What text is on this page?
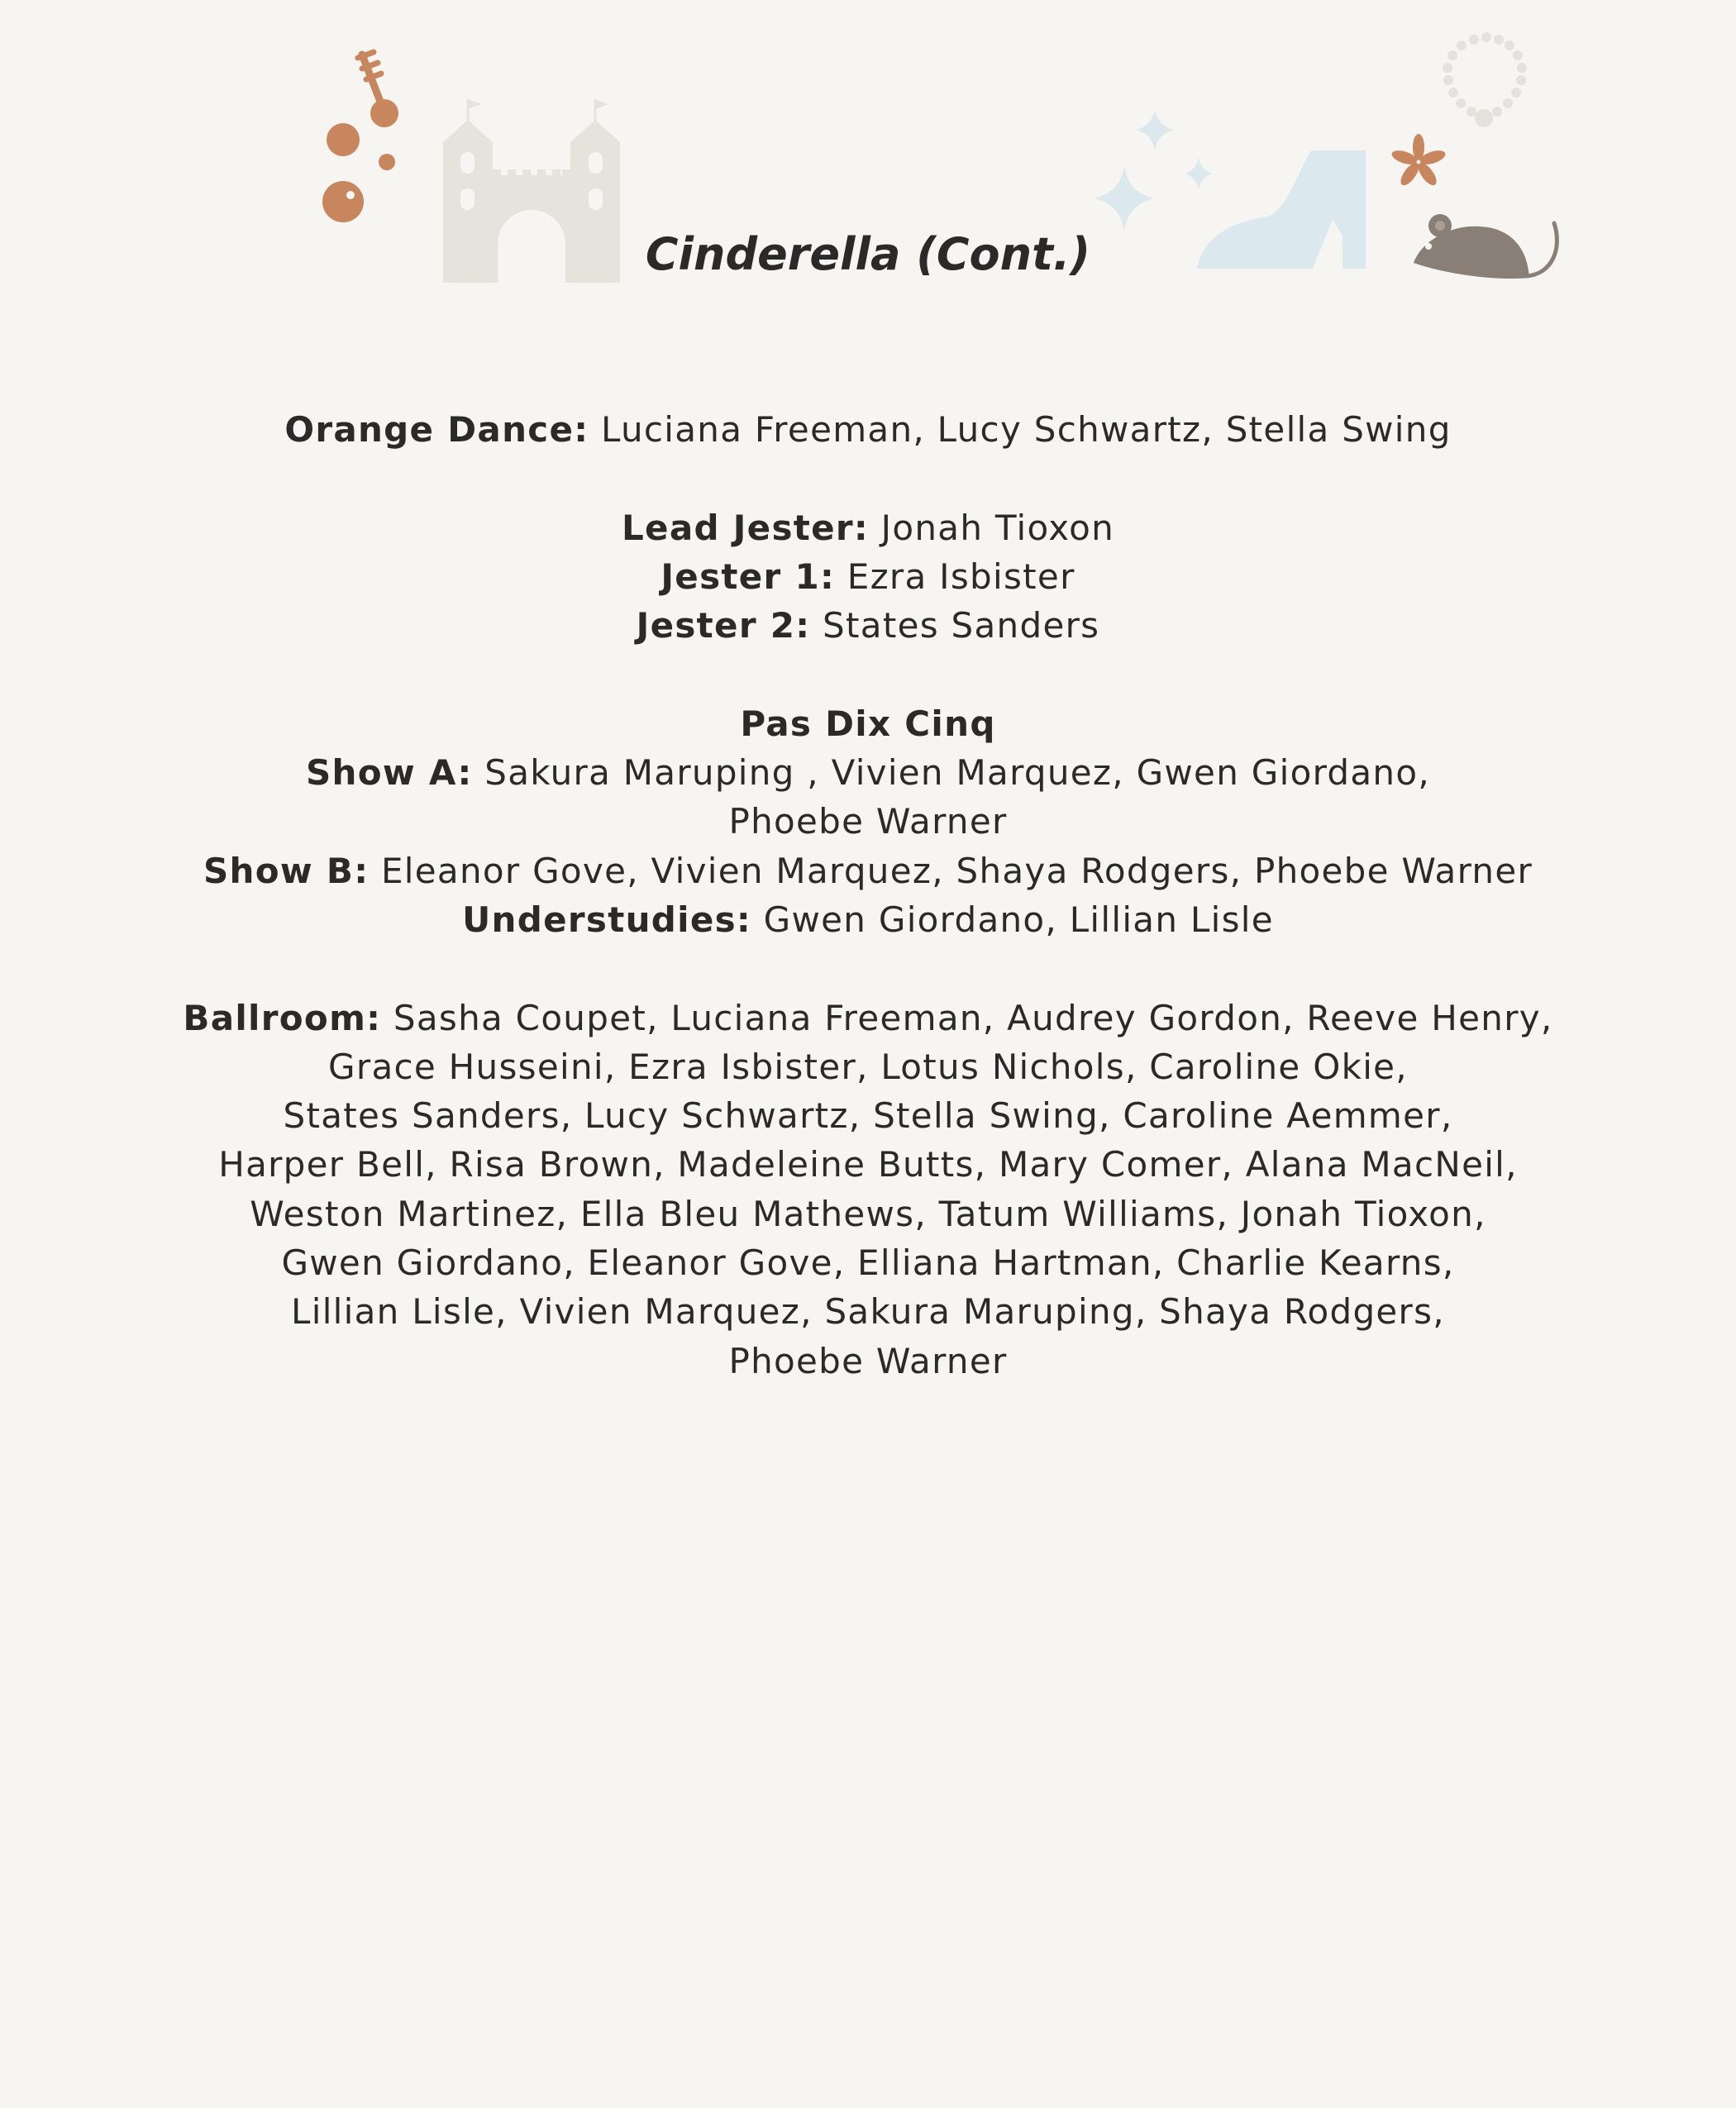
Cinderella (Cont.)
Orange Dance: Luciana Freeman, Lucy Schwartz, Stella Swing
Lead Jester: Jonah Tioxon
Jester 1: Ezra Isbister
Jester 2: States Sanders
Pas Dix Cinq
Show A: Sakura Maruping , Vivien Marquez, Gwen Giordano,
Phoebe Warner
Show B: Eleanor Gove, Vivien Marquez, Shaya Rodgers, Phoebe Warner
Understudies: Gwen Giordano, Lillian Lisle
Ballroom: Sasha Coupet, Luciana Freeman, Audrey Gordon, Reeve Henry,
Grace Husseini, Ezra Isbister, Lotus Nichols, Caroline Okie,
States Sanders, Lucy Schwartz, Stella Swing, Caroline Aemmer,
Harper Bell, Risa Brown, Madeleine Butts, Mary Comer, Alana MacNeil,
Weston Martinez, Ella Bleu Mathews, Tatum Williams, Jonah Tioxon,
Gwen Giordano, Eleanor Gove, Elliana Hartman, Charlie Kearns,
Lillian Lisle, Vivien Marquez, Sakura Maruping, Shaya Rodgers,
Phoebe Warner
